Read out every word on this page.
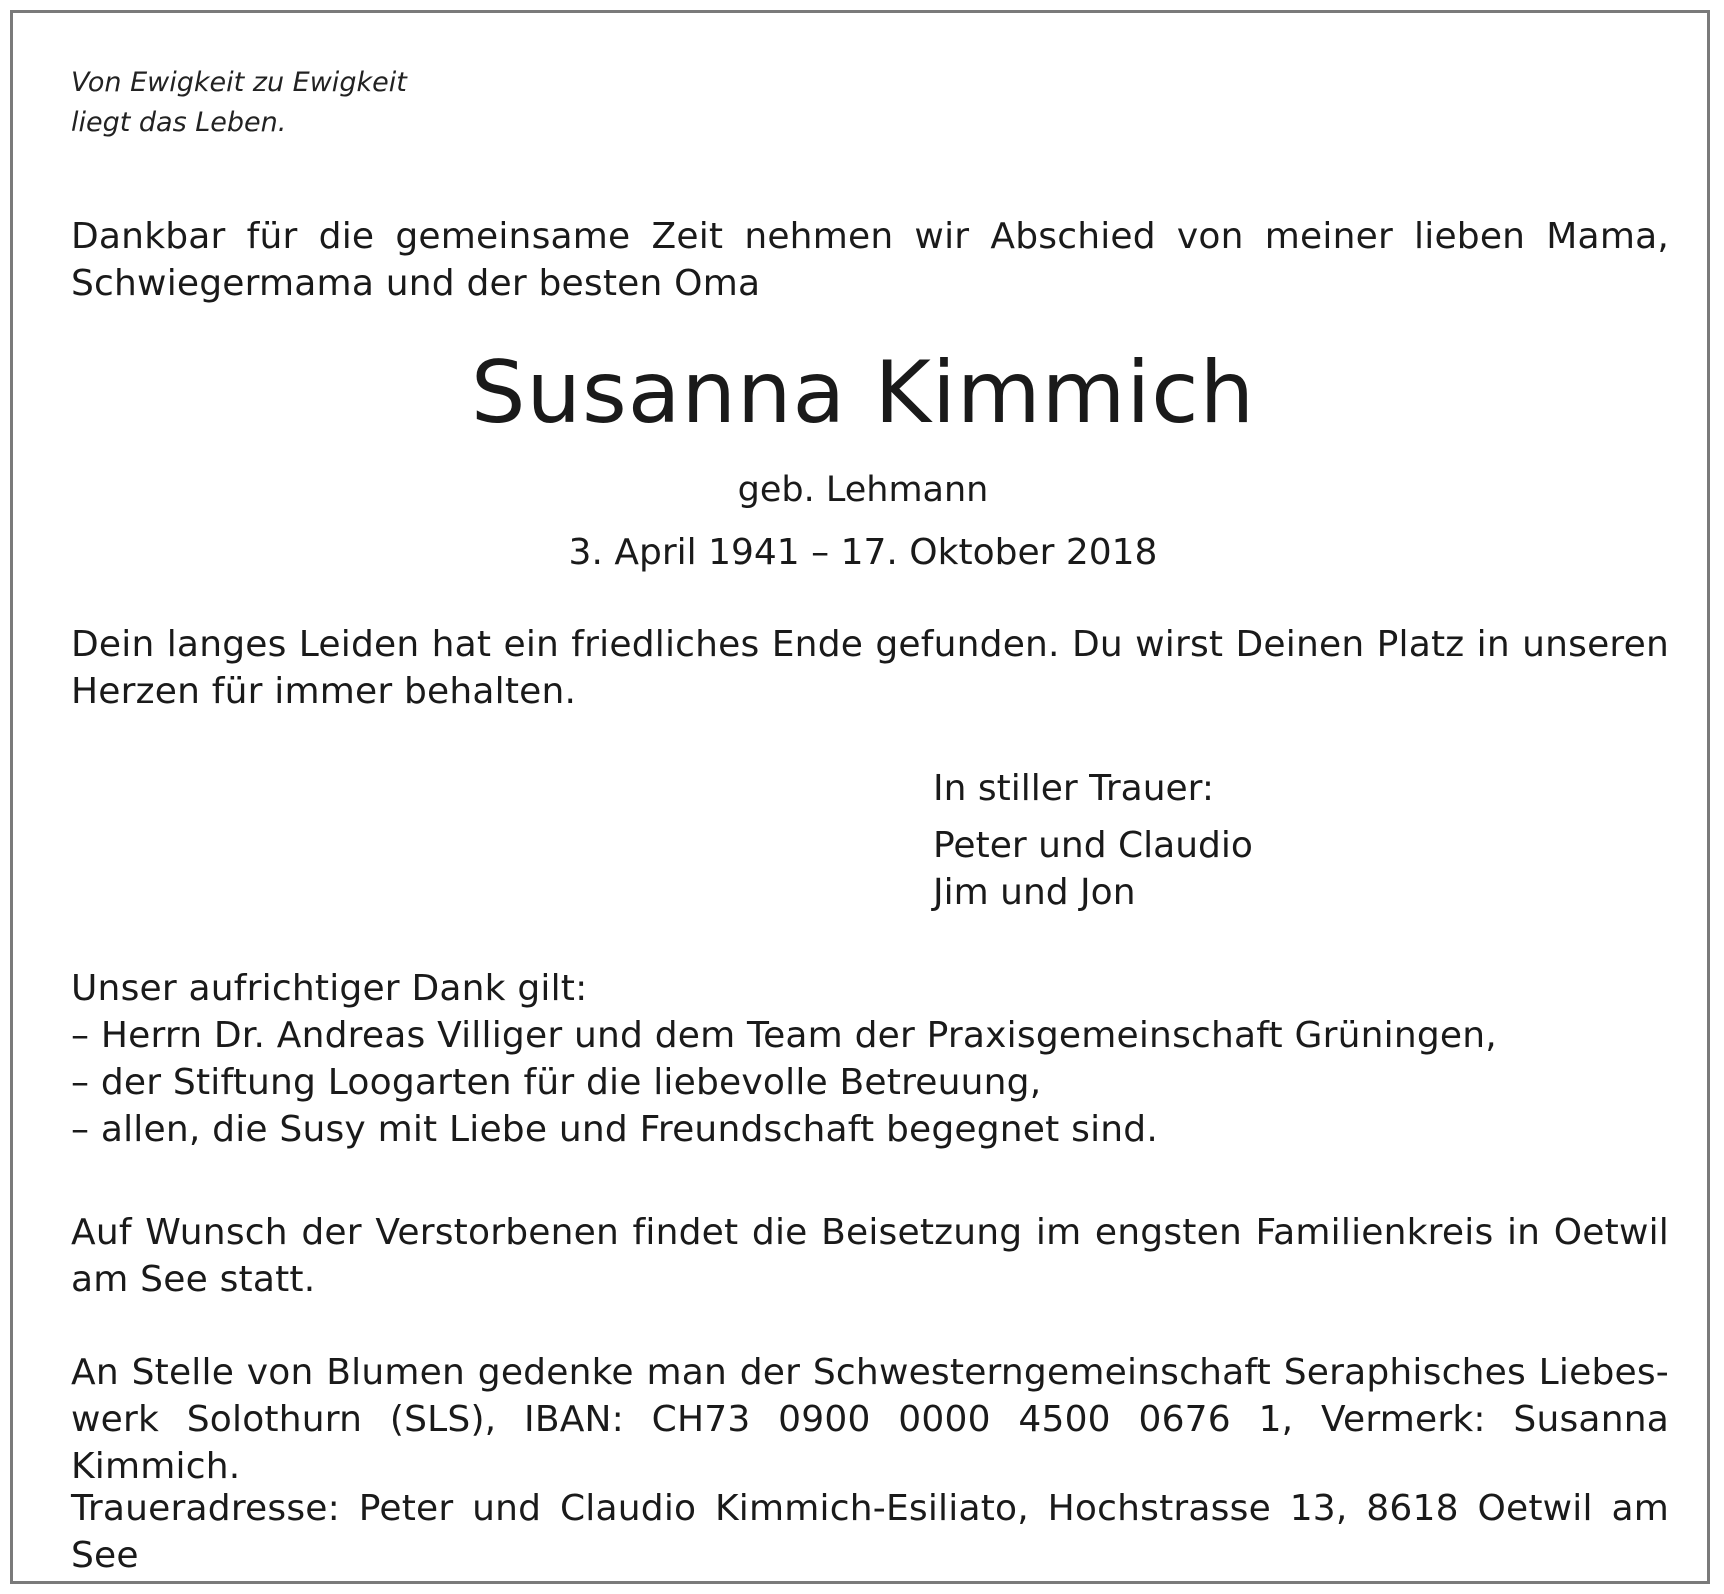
Von Ewigkeit zu Ewigkeit
liegt das Leben.
Dankbar für die gemeinsame Zeit nehmen wir Abschied von meiner lieben Mama,
Schwiegermama und der besten Oma
Susanna Kimmich
geb. Lehmann
3. April 1941 – 17. Oktober 2018
Dein langes Leiden hat ein friedliches Ende gefunden. Du wirst Deinen Platz in unseren
Herzen für immer behalten.
In stiller Trauer:
Peter und Claudio
Jim und Jon
Unser aufrichtiger Dank gilt:
– Herrn Dr. Andreas Villiger und dem Team der Praxisgemeinschaft Grüningen,
– der Stiftung Loogarten für die liebevolle Betreuung,
– allen, die Susy mit Liebe und Freundschaft begegnet sind.
Auf Wunsch der Verstorbenen findet die Beisetzung im engsten Familienkreis in Oetwil
am See statt.
An Stelle von Blumen gedenke man der Schwesterngemeinschaft Seraphisches Liebes-
werk Solothurn (SLS), IBAN: CH73 0900 0000 4500 0676 1, Vermerk: Susanna Kimmich.
Traueradresse: Peter und Claudio Kimmich-Esiliato, Hochstrasse 13, 8618 Oetwil am See
